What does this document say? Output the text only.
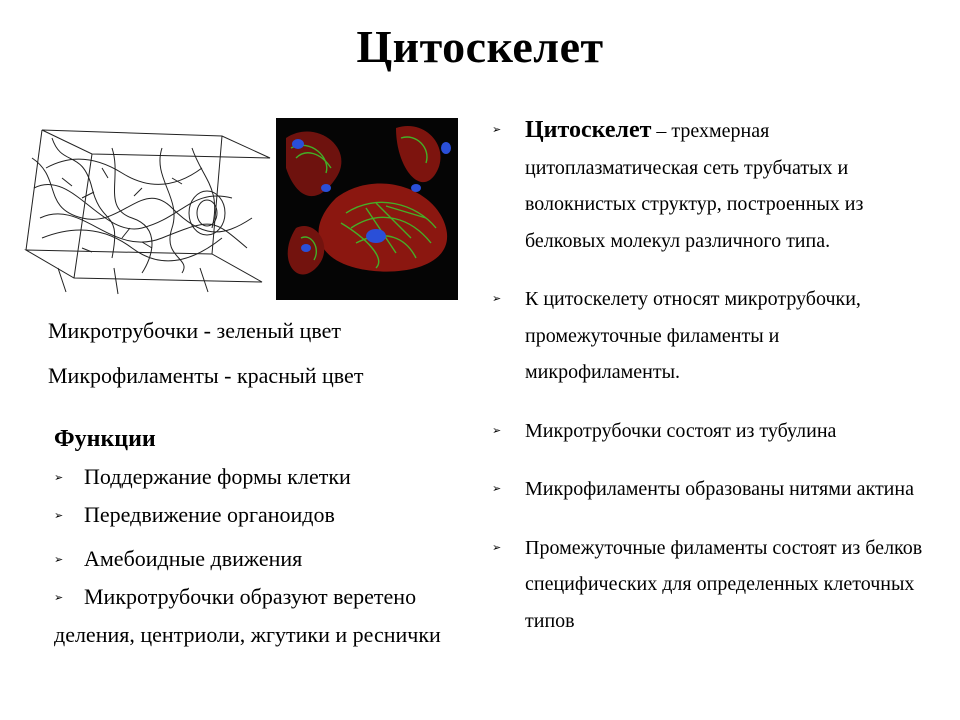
Цитоскелет
Микротрубочки - зеленый цвет
Микрофиламенты - красный цвет
Функции
➢ Поддержание формы клетки
➢ Передвижение органоидов
➢ Амебоидные движения
➢ Микротрубочки образуют веретено деления, центриоли, жгутики и реснички
➢ Цитоскелет – трехмерная цитоплазматическая сеть трубчатых и волокнистых структур, построенных из белковых молекул различного типа.
➢ К цитоскелету относят микротрубочки, промежуточные филаменты и микрофиламенты.
➢ Микротрубочки состоят из тубулина
➢ Микрофиламенты образованы нитями актина
➢ Промежуточные филаменты состоят из белков специфических для определенных клеточных типов
